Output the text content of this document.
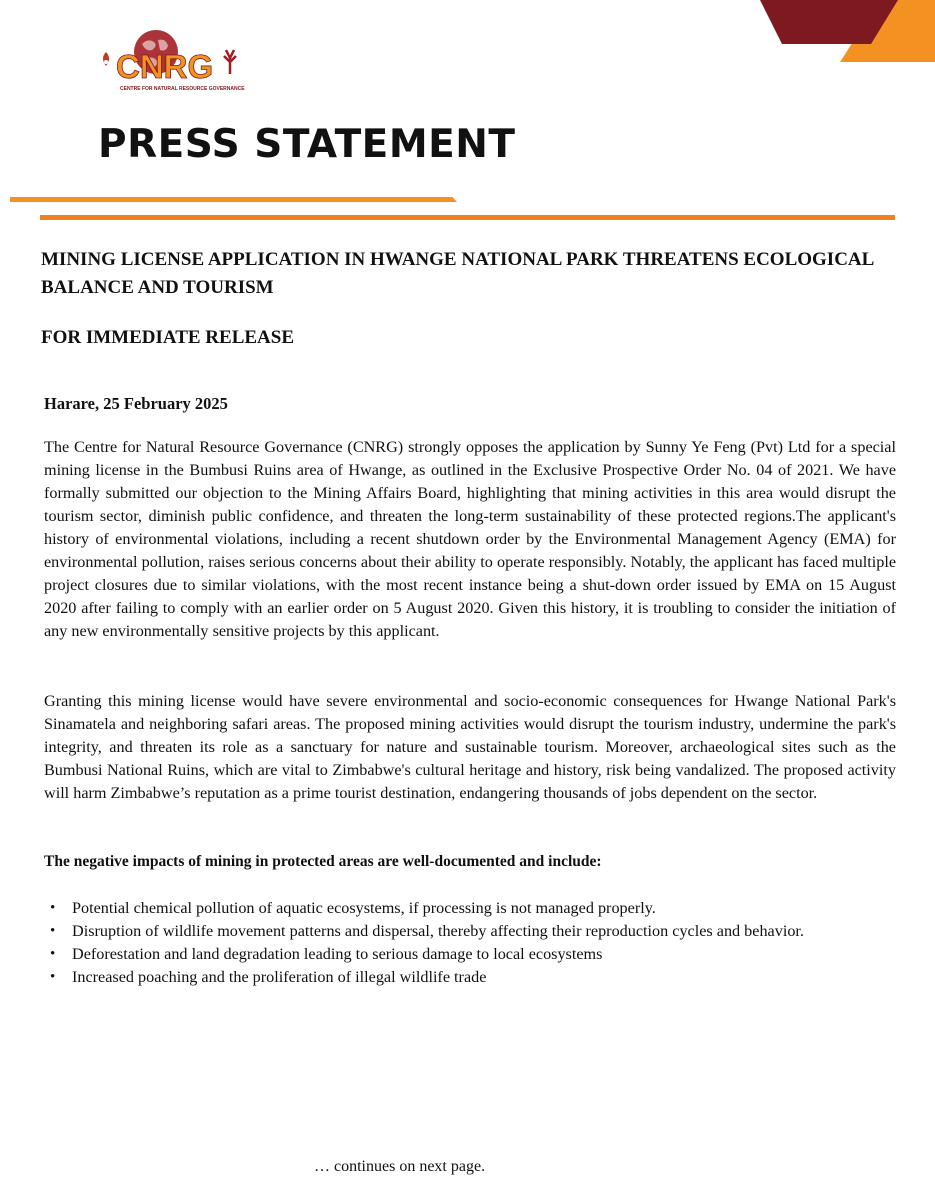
CNRG
CENTRE FOR NATURAL RESOURCE GOVERNANCE
PRESS STATEMENT
MINING LICENSE APPLICATION IN HWANGE NATIONAL PARK THREATENS ECOLOGICAL BALANCE AND TOURISM
FOR IMMEDIATE RELEASE

Harare, 25 February 2025

The Centre for Natural Resource Governance (CNRG) strongly opposes the application by Sunny Ye Feng (Pvt) Ltd for a special mining license in the Bumbusi Ruins area of Hwange, as outlined in the Exclusive Prospective Order No. 04 of 2021. We have formally submitted our objection to the Mining Affairs Board, highlighting that mining activities in this area would disrupt the tourism sector, diminish public confidence, and threaten the long-term sustainability of these protected regions.The applicant's history of environmental violations, including a recent shutdown order by the Environmental Management Agency (EMA) for environmental pollution, raises serious concerns about their ability to operate responsibly. Notably, the applicant has faced multiple project closures due to similar violations, with the most recent instance being a shut-down order issued by EMA on 15 August 2020 after failing to comply with an earlier order on 5 August 2020. Given this history, it is troubling to consider the initiation of any new environmentally sensitive projects by this applicant.

Granting this mining license would have severe environmental and socio-economic consequences for Hwange National Park's Sinamatela and neighboring safari areas. The proposed mining activities would disrupt the tourism industry, undermine the park's integrity, and threaten its role as a sanctuary for nature and sustainable tourism. Moreover, archaeological sites such as the Bumbusi National Ruins, which are vital to Zimbabwe's cultural heritage and history, risk being vandalized. The proposed activity will harm Zimbabwe’s reputation as a prime tourist destination, endangering thousands of jobs dependent on the sector.

The negative impacts of mining in protected areas are well-documented and include:

• Potential chemical pollution of aquatic ecosystems, if processing is not managed properly.
• Disruption of wildlife movement patterns and dispersal, thereby affecting their reproduction cycles and behavior.
• Deforestation and land degradation leading to serious damage to local ecosystems
• Increased poaching and the proliferation of illegal wildlife trade

… continues on next page.
